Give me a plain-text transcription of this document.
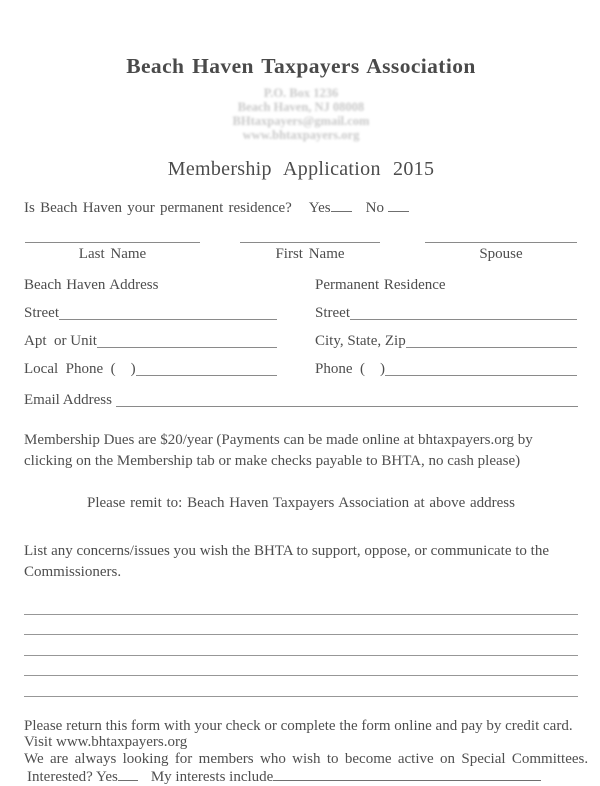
Beach Haven Taxpayers Association
P.O. Box 1236
Beach Haven, NJ 08008
BHtaxpayers@gmail.com
www.bhtaxpayers.org
Membership Application 2015
Is Beach Haven your permanent residence? Yes No
Last Name	First Name	Spouse
Beach Haven Address
Street
Apt  or Unit
Local  Phone  (    )
Permanent Residence
Street
City, State, Zip
Phone  (    )
Email Address
Membership Dues are $20/year (Payments can be made online at bhtaxpayers.org by
clicking on the Membership tab or make checks payable to BHTA, no cash please)
Please remit to: Beach Haven Taxpayers Association at above address
List any concerns/issues you wish the BHTA to support, oppose, or communicate to the
Commissioners.
Please return this form with your check or complete the form online and pay by credit card.
Visit www.bhtaxpayers.org
We are always looking for members who wish to become active on Special Committees.
Interested? Yes My interests include
